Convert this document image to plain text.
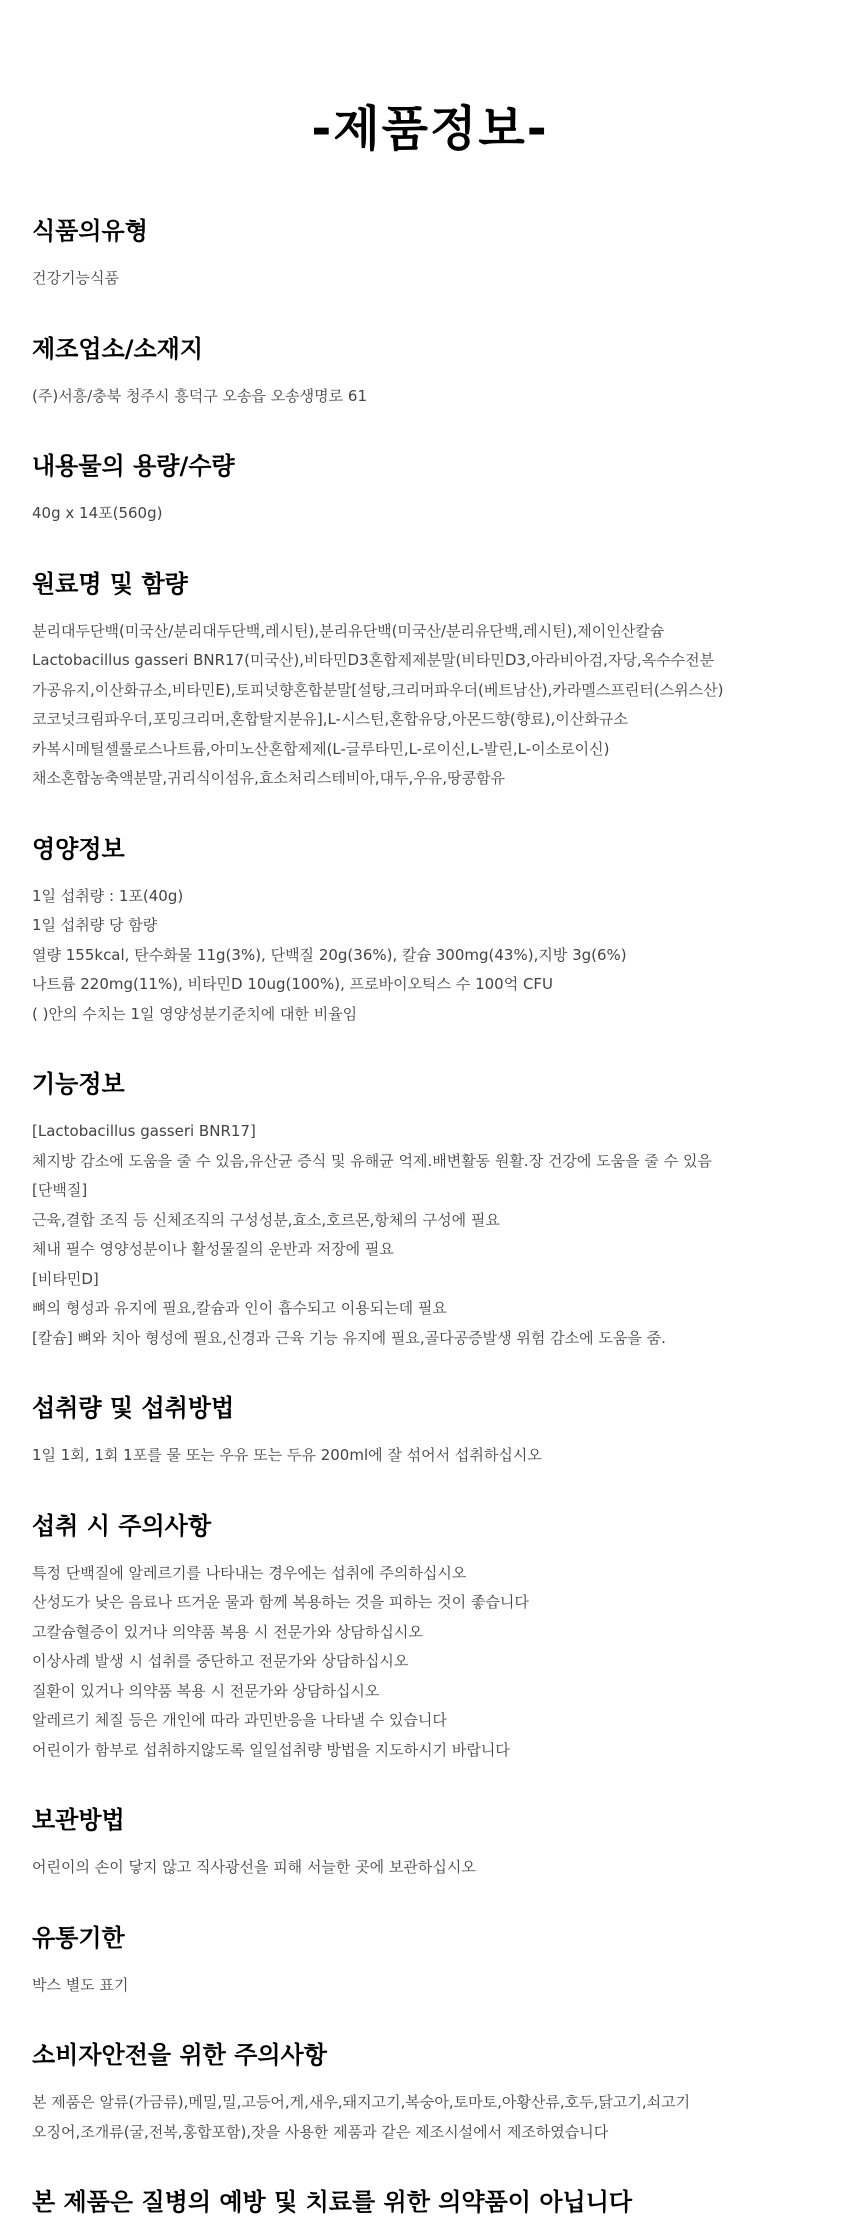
-제품정보-
식품의유형

건강기능식품

제조업소/소재지

(주)서흥/충북 청주시 흥덕구 오송읍 오송생명로 61

내용물의 용량/수량

40g x 14포(560g)

원료명 및 함량

분리대두단백(미국산/분리대두단백,레시틴),분리유단백(미국산/분리유단백,레시틴),제이인산칼슘

Lactobacillus gasseri BNR17(미국산),비타민D3혼합제제분말(비타민D3,아라비아검,자당,옥수수전분

가공유지,이산화규소,비타민E),토피넛향혼합분말[설탕,크리머파우더(베트남산),카라멜스프린터(스위스산)

코코넛크림파우더,포밍크리머,혼합탈지분유],L-시스틴,혼합유당,아몬드향(향료),이산화규소

카복시메틸셀룰로스나트륨,아미노산혼합제제(L-글루타민,L-로이신,L-발린,L-이소로이신)

채소혼합농축액분말,귀리식이섬유,효소처리스테비아,대두,우유,땅콩함유

영양정보

1일 섭취량 : 1포(40g)

1일 섭취량 당 함량

열량 155kcal, 탄수화물 11g(3%), 단백질 20g(36%), 칼슘 300mg(43%),지방 3g(6%)

나트륨 220mg(11%), 비타민D 10ug(100%), 프로바이오틱스 수 100억 CFU

( )안의 수치는 1일 영양성분기준치에 대한 비율임

기능정보

[Lactobacillus gasseri BNR17]

체지방 감소에 도움을 줄 수 있음,유산균 증식 및 유해균 억제.배변활동 원활.장 건강에 도움을 줄 수 있음

[단백질]

근육,결합 조직 등 신체조직의 구성성분,효소,호르몬,항체의 구성에 필요

체내 필수 영양성분이나 활성물질의 운반과 저장에 필요

[비타민D]

뼈의 형성과 유지에 필요,칼슘과 인이 흡수되고 이용되는데 필요

[칼슘] 뼈와 치아 형성에 필요,신경과 근육 기능 유지에 필요,골다공증발생 위험 감소에 도움을 줌.

섭취량 및 섭취방법

1일 1회, 1회 1포를 물 또는 우유 또는 두유 200ml에 잘 섞어서 섭취하십시오

섭취 시 주의사항

특정 단백질에 알레르기를 나타내는 경우에는 섭취에 주의하십시오

산성도가 낮은 음료나 뜨거운 물과 함께 복용하는 것을 피하는 것이 좋습니다

고칼슘혈증이 있거나 의약품 복용 시 전문가와 상담하십시오

이상사례 발생 시 섭취를 중단하고 전문가와 상담하십시오

질환이 있거나 의약품 복용 시 전문가와 상담하십시오

알레르기 체질 등은 개인에 따라 과민반응을 나타낼 수 있습니다

어린이가 함부로 섭취하지않도록 일일섭취량 방법을 지도하시기 바랍니다

보관방법

어린이의 손이 닿지 않고 직사광선을 피해 서늘한 곳에 보관하십시오

유통기한

박스 별도 표기

소비자안전을 위한 주의사항

본 제품은 알류(가금류),메밀,밀,고등어,게,새우,돼지고기,복숭아,토마토,아황산류,호두,닭고기,쇠고기

오징어,조개류(굴,전복,홍합포함),잣을 사용한 제품과 같은 제조시설에서 제조하였습니다

본 제품은 질병의 예방 및 치료를 위한 의약품이 아닙니다
